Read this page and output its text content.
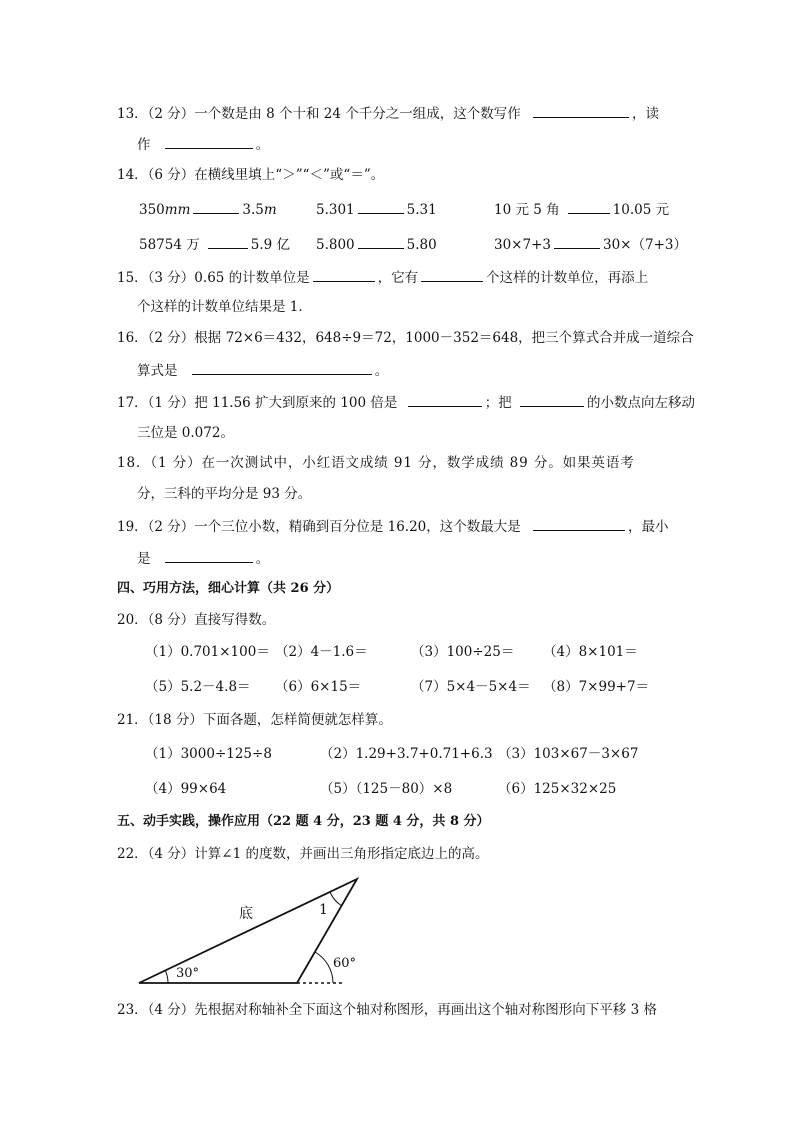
13．（2 分）一个数是由 8 个十和 24 个千分之一组成，这个数写作	，读
作	。
14．（6 分）在横线里填上“＞”“＜”或“＝”。
350mm	3.5m	5.301	5.31	10 元 5 角	10.05 元
58754 万	5.9 亿 5.800	5.80	30×7+3	30×（7+3）
15．（3 分）0.65 的计数单位是	，它有	个这样的计数单位，再添上
个这样的计数单位结果是 1．
16．（2 分）根据 72×6＝432，648÷9＝72，1000－352＝648，把三个算式合并成一道综合
算式是	。
17．（1 分）把 11.56 扩大到原来的 100 倍是	；把	的小数点向左移动
三位是 0.072。
18．（1 分）在一次测试中，小红语文成绩 91 分，数学成绩 89 分。如果英语考
分，三科的平均分是 93 分。
19．（2 分）一个三位小数，精确到百分位是 16.20，这个数最大是	，最小
是	。
四、巧用方法，细心计算（共 26 分）
20．（8 分）直接写得数。
（1）0.701×100＝ （2）4－1.6＝	（3）100÷25＝ （4）8×101＝
（5）5.2－4.8＝ （6）6×15＝	（7）5×4－5×4＝ （8）7×99+7＝
21．（18 分）下面各题，怎样简便就怎样算。
（1）3000÷125÷8	（2）1.29+3.7+0.71+6.3 （3）103×67－3×67
（4）99×64	（5）（125－80）×8	（6）125×32×25
五、动手实践，操作应用（22 题 4 分，23 题 4 分，共 8 分）
22．（4 分）计算∠1 的度数，并画出三角形指定底边上的高。
底	1
30°
60°
23．（4 分）先根据对称轴补全下面这个轴对称图形，再画出这个轴对称图形向下平移 3 格
